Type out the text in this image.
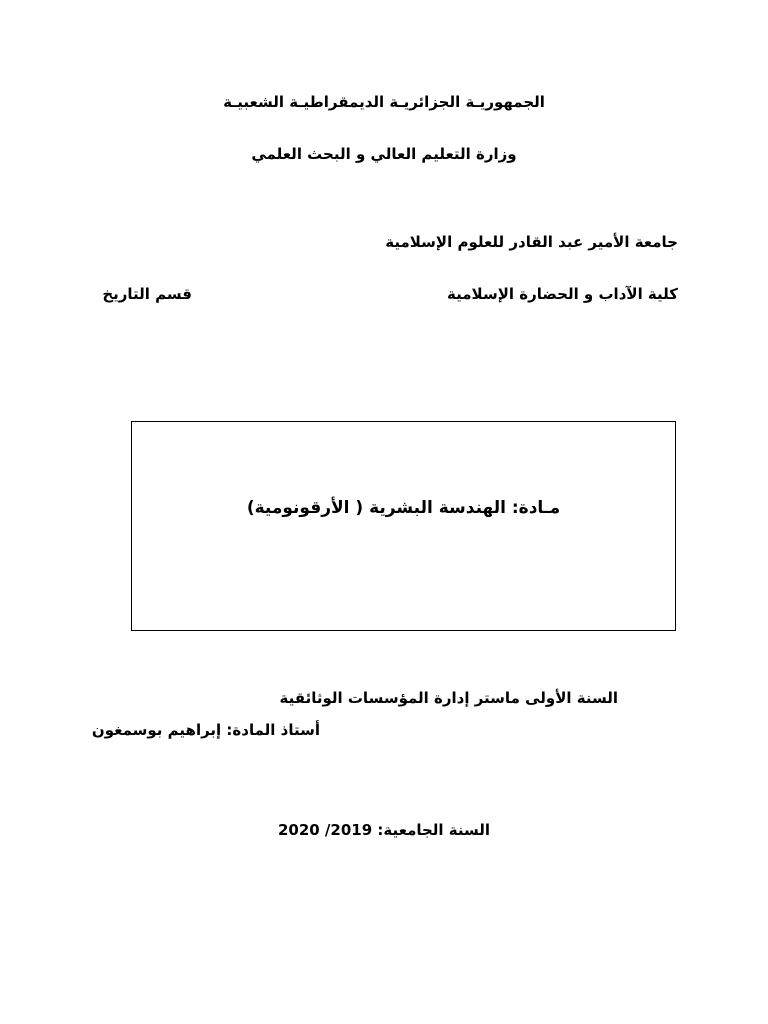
الجمهوريـة الجزائريـة الديمقراطيـة الشعبيـة
وزارة التعليم العالي و البحث العلمي
جامعة الأمير عبد القادر للعلوم الإسلامية
كلية الآداب و الحضارة الإسلامية
قسم التاريخ
مـادة: الهندسة البشرية ( الأرقونومية)
السنة الأولى ماستر إدارة المؤسسات الوثائقية
أستاذ المادة: إبراهيم بوسمغون
السنة الجامعية: 2019/ 2020
